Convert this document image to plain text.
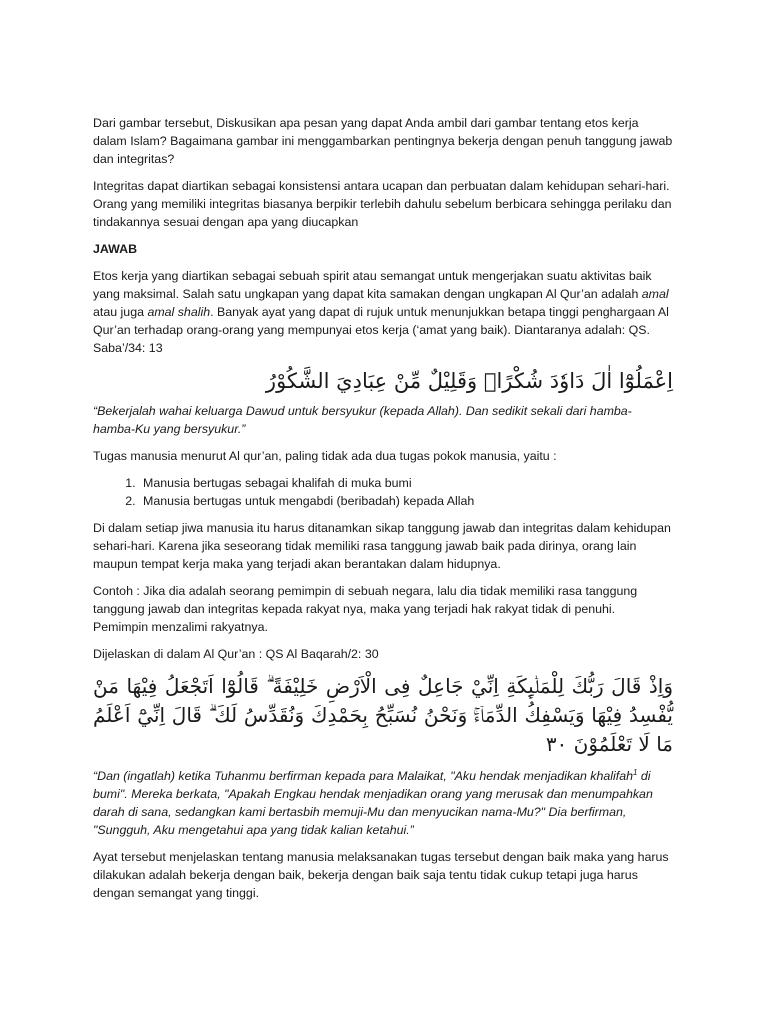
Dari gambar tersebut, Diskusikan apa pesan yang dapat Anda ambil dari gambar tentang etos kerja dalam Islam? Bagaimana gambar ini menggambarkan pentingnya bekerja dengan penuh tanggung jawab dan integritas?

Integritas dapat diartikan sebagai konsistensi antara ucapan dan perbuatan dalam kehidupan sehari-hari. Orang yang memiliki integritas biasanya berpikir terlebih dahulu sebelum berbicara sehingga perilaku dan tindakannya sesuai dengan apa yang diucapkan

JAWAB

Etos kerja yang diartikan sebagai sebuah spirit atau semangat untuk mengerjakan suatu aktivitas baik yang maksimal. Salah satu ungkapan yang dapat kita samakan dengan ungkapan Al Qur’an adalah amal atau juga amal shalih. Banyak ayat yang dapat di rujuk untuk menunjukkan betapa tinggi penghargaan Al Qur’an terhadap orang-orang yang mempunyai etos kerja (‘amat yang baik). Diantaranya adalah: QS. Saba’/34: 13

اِعْمَلُوْٓا اٰلَ دَاوٗدَ شُكْرًاۗ وَقَلِيْلٌ مِّنْ عِبَادِيَ الشَّكُوْرُ

“Bekerjalah wahai keluarga Dawud untuk bersyukur (kepada Allah). Dan sedikit sekali dari hamba-hamba-Ku yang bersyukur.”

Tugas manusia menurut Al qur’an, paling tidak ada dua tugas pokok manusia, yaitu :

1. Manusia bertugas sebagai khalifah di muka bumi
2. Manusia bertugas untuk mengabdi (beribadah) kepada Allah

Di dalam setiap jiwa manusia itu harus ditanamkan sikap tanggung jawab dan integritas dalam kehidupan sehari-hari. Karena jika seseorang tidak memiliki rasa tanggung jawab baik pada dirinya, orang lain maupun tempat kerja maka yang terjadi akan berantakan dalam hidupnya.

Contoh : Jika dia adalah seorang pemimpin di sebuah negara, lalu dia tidak memiliki rasa tanggung tanggung jawab dan integritas kepada rakyat nya, maka yang terjadi hak rakyat tidak di penuhi. Pemimpin menzalimi rakyatnya.

Dijelaskan di dalam Al Qur’an : QS Al Baqarah/2: 30

وَاِذْ قَالَ رَبُّكَ لِلْمَلٰۤىِٕكَةِ اِنِّيْ جَاعِلٌ فِى الْاَرْضِ خَلِيْفَةً ۗ قَالُوْٓا اَتَجْعَلُ فِيْهَا مَنْ يُّفْسِدُ فِيْهَا وَيَسْفِكُ الدِّمَاۤءَۚ وَنَحْنُ نُسَبِّحُ بِحَمْدِكَ وَنُقَدِّسُ لَكَ ۗ قَالَ اِنِّيْٓ اَعْلَمُ مَا لَا تَعْلَمُوْنَ ٣٠

“Dan (ingatlah) ketika Tuhanmu berfirman kepada para Malaikat, "Aku hendak menjadikan khalifah$^1$ di bumi". Mereka berkata, "Apakah Engkau hendak menjadikan orang yang merusak dan menumpahkan darah di sana, sedangkan kami bertasbih memuji-Mu dan menyucikan nama-Mu?" Dia berfirman, "Sungguh, Aku mengetahui apa yang tidak kalian ketahui.”

Ayat tersebut menjelaskan tentang manusia melaksanakan tugas tersebut dengan baik maka yang harus dilakukan adalah bekerja dengan baik, bekerja dengan baik saja tentu tidak cukup tetapi juga harus dengan semangat yang tinggi.
